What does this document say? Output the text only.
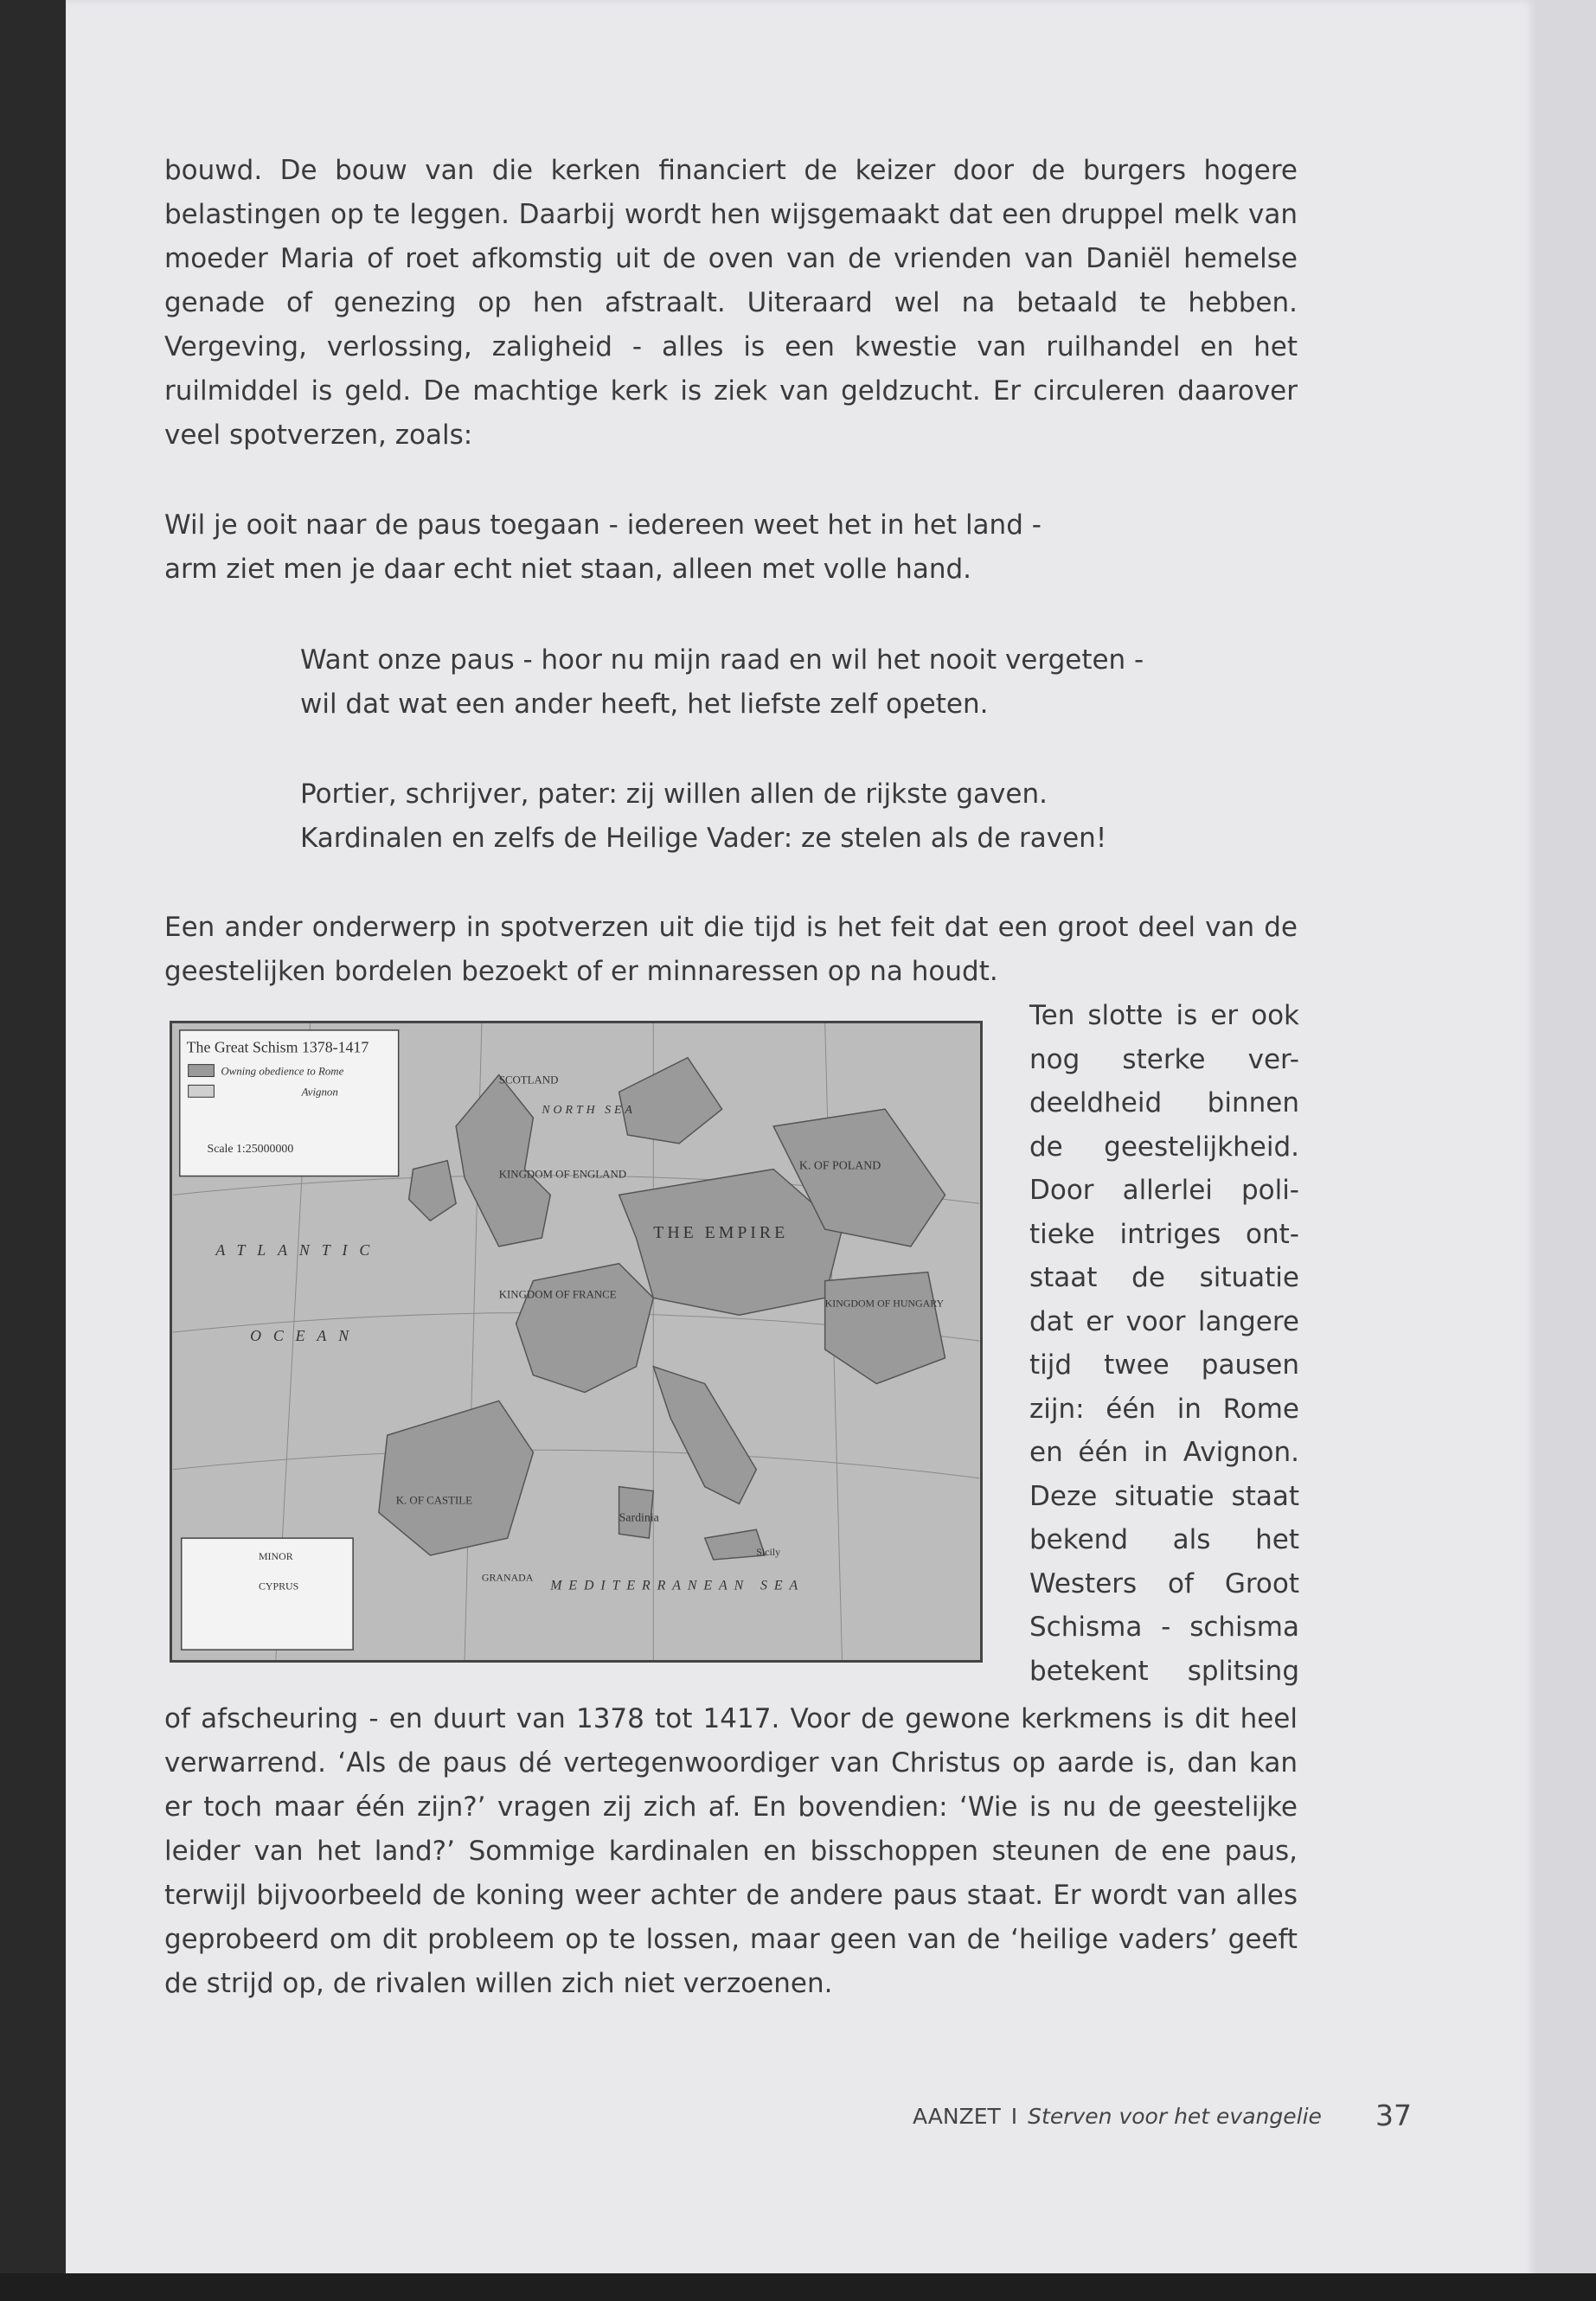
bouwd. De bouw van die kerken financiert de keizer door de burgers hogere belastingen op te leggen. Daarbij wordt hen wijsgemaakt dat een druppel melk van moeder Maria of roet afkomstig uit de oven van de vrienden van Daniël hemelse genade of genezing op hen afstraalt. Uiteraard wel na betaald te hebben. Vergeving, verlossing, zaligheid - alles is een kwestie van ruilhandel en het ruilmiddel is geld. De machtige kerk is ziek van geldzucht. Er circuleren daarover veel spotverzen, zoals:

Wil je ooit naar de paus toegaan - iedereen weet het in het land -
arm ziet men je daar echt niet staan, alleen met volle hand.
Want onze paus - hoor nu mijn raad en wil het nooit vergeten -
wil dat wat een ander heeft, het liefste zelf opeten.
Portier, schrijver, pater: zij willen allen de rijkste gaven.
Kardinalen en zelfs de Heilige Vader: ze stelen als de raven!

Een ander onderwerp in spotverzen uit die tijd is het feit dat een groot deel van de geestelijken bordelen bezoekt of er minnaressen op na houdt.

The Great Schism 1378-1417
Owning obedience to Rome
Avignon
Scale 1:25000000
SCOTLAND
NORTH SEA
KINGDOM OF ENGLAND
ATLANTIC
OCEAN
KINGDOM OF FRANCE
THE EMPIRE
K. OF POLAND
KINGDOM OF HUNGARY
K. OF CASTILE
Sardinia
MEDITERRANEAN SEA
Sicily
GRANADA
MINOR
CYPRUS

Ten slotte is er ook

nog sterke ver-

deeldheid binnen

de geestelijkheid.

Door allerlei poli-

tieke intriges ont-

staat de situatie

dat er voor langere

tijd twee pausen

zijn: één in Rome

en één in Avignon.

Deze situatie staat

bekend als het

Westers of Groot

Schisma - schisma

betekent splitsing

of afscheuring - en duurt van 1378 tot 1417. Voor de gewone kerkmens is dit heel verwarrend. ‘Als de paus dé vertegenwoordiger van Christus op aarde is, dan kan er toch maar één zijn?’ vragen zij zich af. En bovendien: ‘Wie is nu de geestelijke leider van het land?’ Sommige kardinalen en bisschoppen steunen de ene paus, terwijl bijvoorbeeld de koning weer achter de andere paus staat. Er wordt van alles geprobeerd om dit probleem op te lossen, maar geen van de ‘heilige vaders’ geeft de strijd op, de rivalen willen zich niet verzoenen.

AANZET I Sterven voor het evangelie 37
